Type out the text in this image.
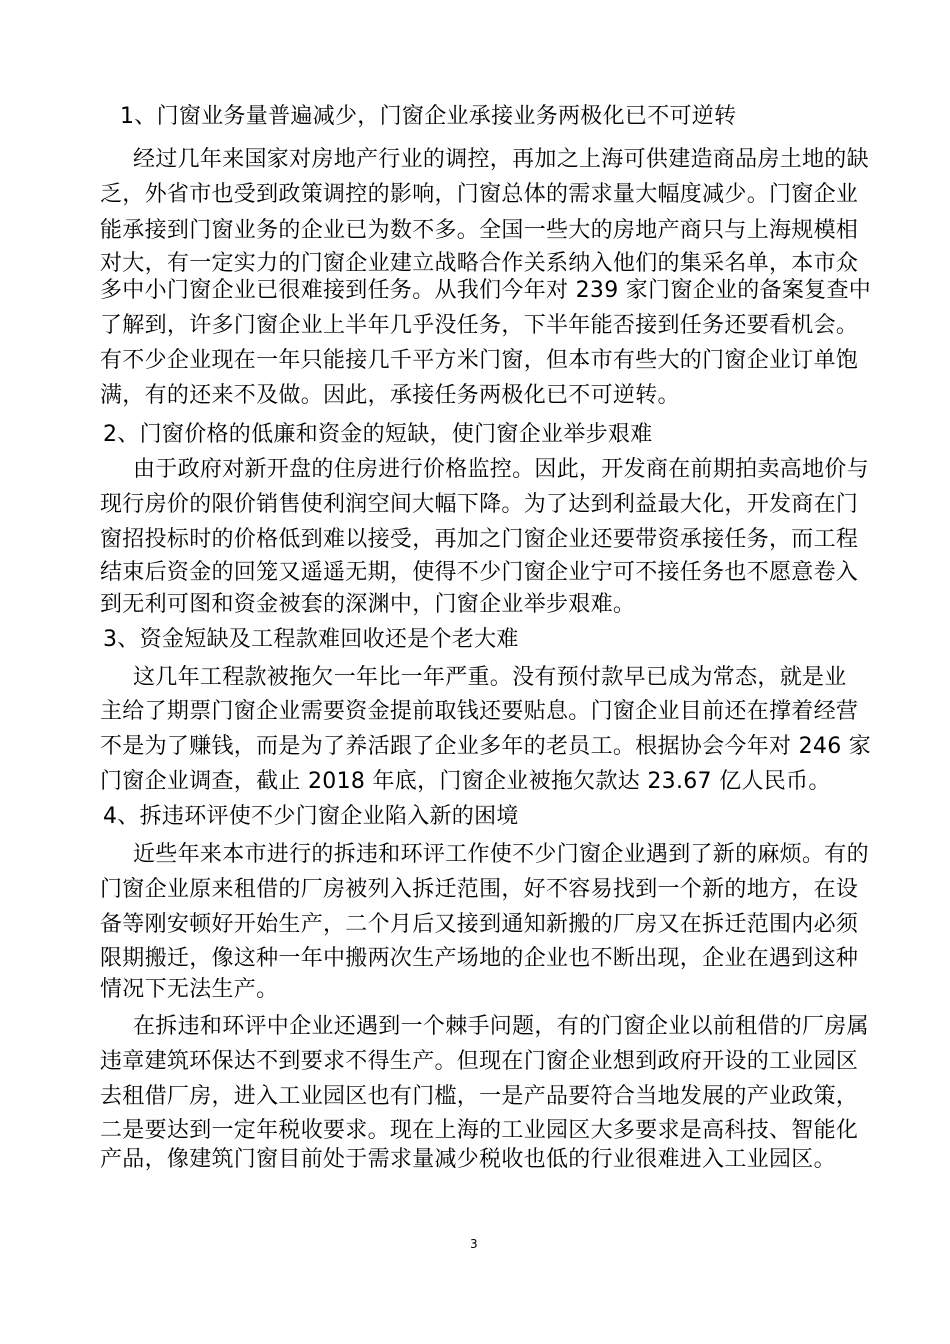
1、门窗业务量普遍减少，门窗企业承接业务两极化已不可逆转
经过几年来国家对房地产行业的调控，再加之上海可供建造商品房土地的缺
乏，外省市也受到政策调控的影响，门窗总体的需求量大幅度减少。门窗企业
能承接到门窗业务的企业已为数不多。全国一些大的房地产商只与上海规模相
对大，有一定实力的门窗企业建立战略合作关系纳入他们的集采名单，本市众
多中小门窗企业已很难接到任务。从我们今年对 239 家门窗企业的备案复查中
了解到，许多门窗企业上半年几乎没任务，下半年能否接到任务还要看机会。
有不少企业现在一年只能接几千平方米门窗，但本市有些大的门窗企业订单饱
满，有的还来不及做。因此，承接任务两极化已不可逆转。
2、门窗价格的低廉和资金的短缺，使门窗企业举步艰难
由于政府对新开盘的住房进行价格监控。因此，开发商在前期拍卖高地价与
现行房价的限价销售使利润空间大幅下降。为了达到利益最大化，开发商在门
窗招投标时的价格低到难以接受，再加之门窗企业还要带资承接任务，而工程
结束后资金的回笼又遥遥无期，使得不少门窗企业宁可不接任务也不愿意卷入
到无利可图和资金被套的深渊中，门窗企业举步艰难。
3、资金短缺及工程款难回收还是个老大难
这几年工程款被拖欠一年比一年严重。没有预付款早已成为常态，就是业
主给了期票门窗企业需要资金提前取钱还要贴息。门窗企业目前还在撑着经营
不是为了赚钱，而是为了养活跟了企业多年的老员工。根据协会今年对 246 家
门窗企业调查，截止 2018 年底，门窗企业被拖欠款达 23.67 亿人民币。
4、拆违环评使不少门窗企业陷入新的困境
近些年来本市进行的拆违和环评工作使不少门窗企业遇到了新的麻烦。有的
门窗企业原来租借的厂房被列入拆迁范围，好不容易找到一个新的地方，在设
备等刚安顿好开始生产，二个月后又接到通知新搬的厂房又在拆迁范围内必须
限期搬迁，像这种一年中搬两次生产场地的企业也不断出现，企业在遇到这种
情况下无法生产。
在拆违和环评中企业还遇到一个棘手问题，有的门窗企业以前租借的厂房属
违章建筑环保达不到要求不得生产。但现在门窗企业想到政府开设的工业园区
去租借厂房，进入工业园区也有门槛，一是产品要符合当地发展的产业政策，
二是要达到一定年税收要求。现在上海的工业园区大多要求是高科技、智能化
产品，像建筑门窗目前处于需求量减少税收也低的行业很难进入工业园区。
3
